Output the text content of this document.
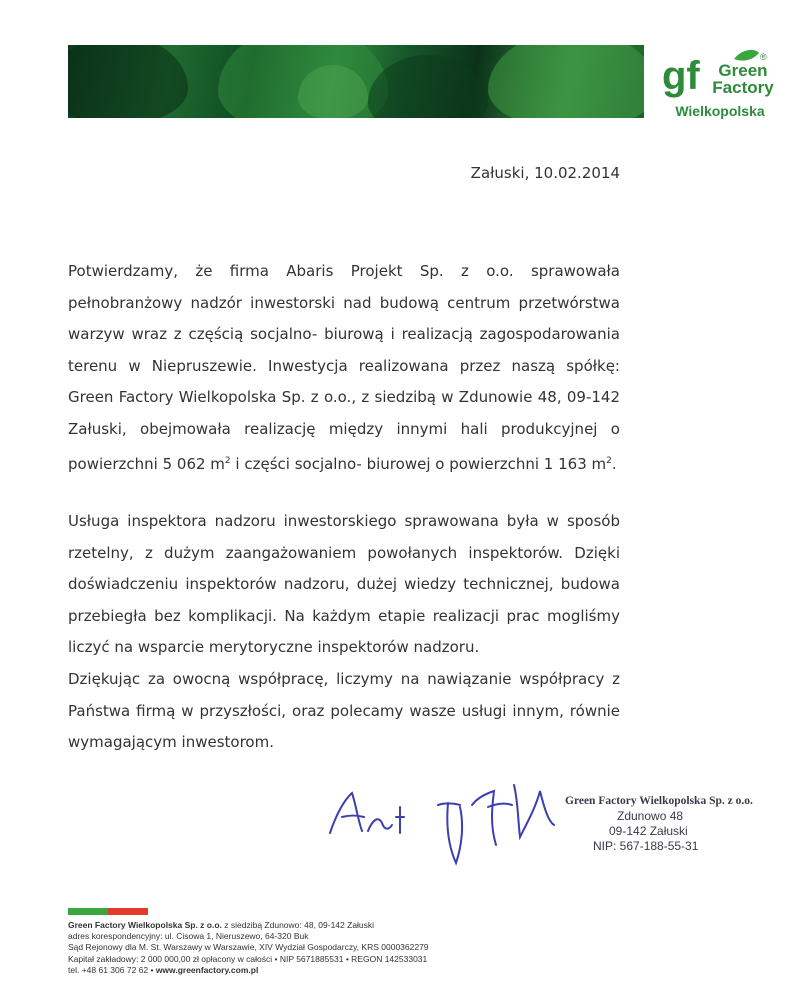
gf	®
Green
Factory
Wielkopolska
Załuski, 10.02.2014
Potwierdzamy, że firma Abaris Projekt Sp. z o.o. sprawowała pełnobranżowy nadzór inwestorski nad budową centrum przetwórstwa warzyw wraz z częścią socjalno- biurową i realizacją zagospodarowania terenu w Niepruszewie. Inwestycja realizowana przez naszą spółkę: Green Factory Wielkopolska Sp. z o.o., z siedzibą w Zdunowie 48, 09-142 Załuski, obejmowała realizację między innymi hali produkcyjnej o powierzchni 5 062 $m^2$ i części socjalno- biurowej o powierzchni 1 163 $m^2$.
Usługa inspektora nadzoru inwestorskiego sprawowana była w sposób rzetelny, z dużym zaangażowaniem powołanych inspektorów. Dzięki doświadczeniu inspektorów nadzoru, dużej wiedzy technicznej, budowa przebiegła bez komplikacji. Na każdym etapie realizacji prac mogliśmy liczyć na wsparcie merytoryczne inspektorów nadzoru.
Dziękując za owocną współpracę, liczymy na nawiązanie współpracy z Państwa firmą w przyszłości, oraz polecamy wasze usługi innym, równie wymagającym inwestorom.
Green Factory Wielkopolska Sp. z o.o.
Zdunowo 48
09-142 Załuski
NIP: 567-188-55-31
Green Factory Wielkopolska Sp. z o.o. z siedzibą Zdunowo: 48, 09-142 Załuski
adres korespondencyjny: ul. Cisowa 1, Nieruszewo, 64-320 Buk
Sąd Rejonowy dla M. St. Warszawy w Warszawie, XIV Wydział Gospodarczy, KRS 0000362279
Kapitał zakładowy: 2 000 000,00 zł opłacony w całości • NIP 5671885531 • REGON 142533031
tel. +48 61 306 72 62 • www.greenfactory.com.pl
